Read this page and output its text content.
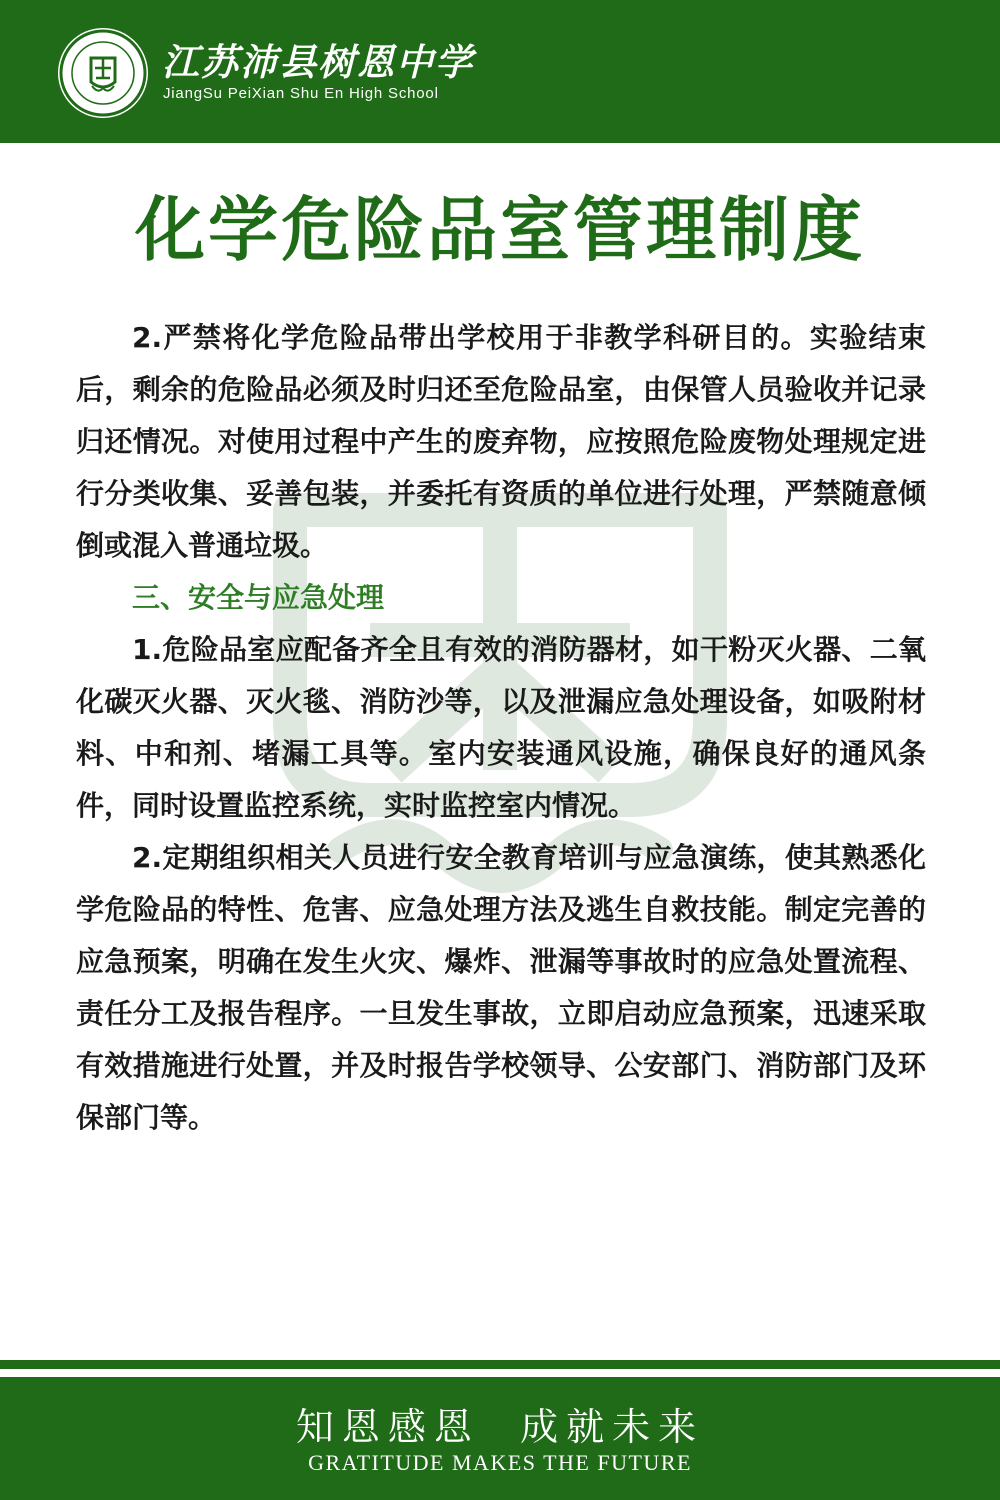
江苏沛县树恩中学
JiangSu PeiXian Shu En High School
化学危险品室管理制度

2.严禁将化学危险品带出学校用于非教学科研目的。实验结束后，剩余的危险品必须及时归还至危险品室，由保管人员验收并记录归还情况。对使用过程中产生的废弃物，应按照危险废物处理规定进行分类收集、妥善包装，并委托有资质的单位进行处理，严禁随意倾倒或混入普通垃圾。

三、安全与应急处理

1.危险品室应配备齐全且有效的消防器材，如干粉灭火器、二氧化碳灭火器、灭火毯、消防沙等，以及泄漏应急处理设备，如吸附材料、中和剂、堵漏工具等。室内安装通风设施，确保良好的通风条件，同时设置监控系统，实时监控室内情况。

2.定期组织相关人员进行安全教育培训与应急演练，使其熟悉化学危险品的特性、危害、应急处理方法及逃生自救技能。制定完善的应急预案，明确在发生火灾、爆炸、泄漏等事故时的应急处置流程、责任分工及报告程序。一旦发生事故，立即启动应急预案，迅速采取有效措施进行处置，并及时报告学校领导、公安部门、消防部门及环保部门等。

知恩感恩  成就未来
GRATITUDE MAKES THE FUTURE
